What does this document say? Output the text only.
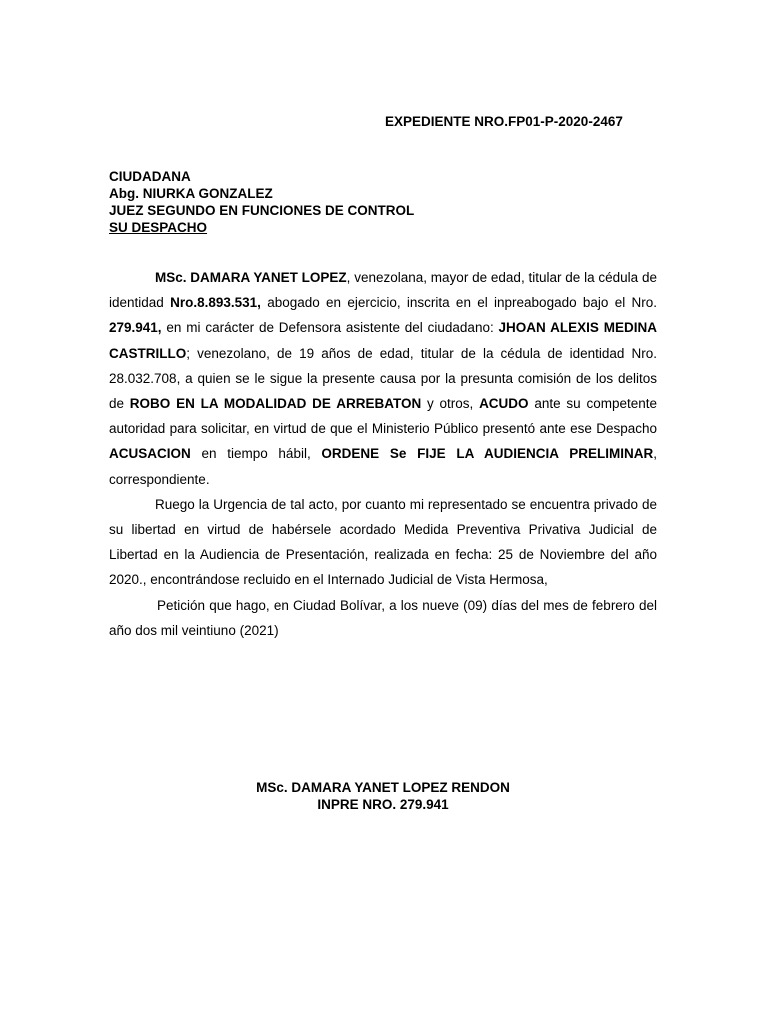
EXPEDIENTE NRO.FP01-P-2020-2467
CIUDADANA
Abg. NIURKA GONZALEZ
JUEZ SEGUNDO EN FUNCIONES DE CONTROL
SU DESPACHO

MSc. DAMARA YANET LOPEZ, venezolana, mayor de edad, titular de la cédula de identidad Nro.8.893.531, abogado en ejercicio, inscrita en el inpreabogado bajo el Nro. 279.941, en mi carácter de Defensora asistente del ciudadano: JHOAN ALEXIS MEDINA CASTRILLO; venezolano, de 19 años de edad, titular de la cédula de identidad Nro. 28.032.708, a quien se le sigue la presente causa por la presunta comisión de los delitos de ROBO EN LA MODALIDAD DE ARREBATON y otros, ACUDO ante su competente autoridad para solicitar, en virtud de que el Ministerio Público presentó ante ese Despacho ACUSACION en tiempo hábil, ORDENE Se FIJE LA AUDIENCIA PRELIMINAR, correspondiente.

Ruego la Urgencia de tal acto, por cuanto mi representado se encuentra privado de su libertad en virtud de habérsele acordado Medida Preventiva Privativa Judicial de Libertad en la Audiencia de Presentación, realizada en fecha: 25 de Noviembre del año 2020., encontrándose recluido en el Internado Judicial de Vista Hermosa,

Petición que hago, en Ciudad Bolívar, a los nueve (09) días del mes de febrero del año dos mil veintiuno (2021)

MSc. DAMARA YANET LOPEZ RENDON
INPRE NRO. 279.941
